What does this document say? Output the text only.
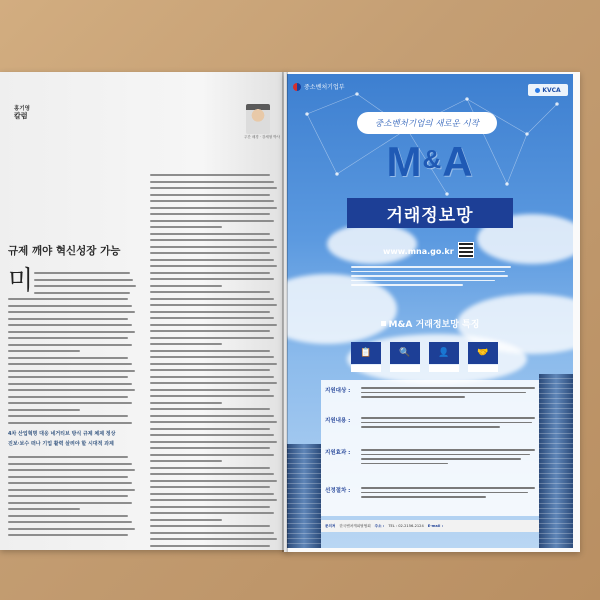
홍기영
칼럼
주간 매경 · 강세형 박사
규제 깨야 혁신성장 가능
미
4차 산업혁명 대응 네거티브 방식 규제 체제 정상
진보·보수 떠나 기업 활력 살려야 할 시대적 과제
중소벤처기업부	KVCA
중소벤처기업의 새로운 시작
M&A
거래정보망
www.mna.go.kr
M&A 거래정보망 특징
📋	🔍	👤	🤝
지원대상 :
지원내용 :
지원효과 :
선정절차 :
문의처 한국벤처캐피탈협회 주소 : TEL : 02-2156-2124 E-mail :
